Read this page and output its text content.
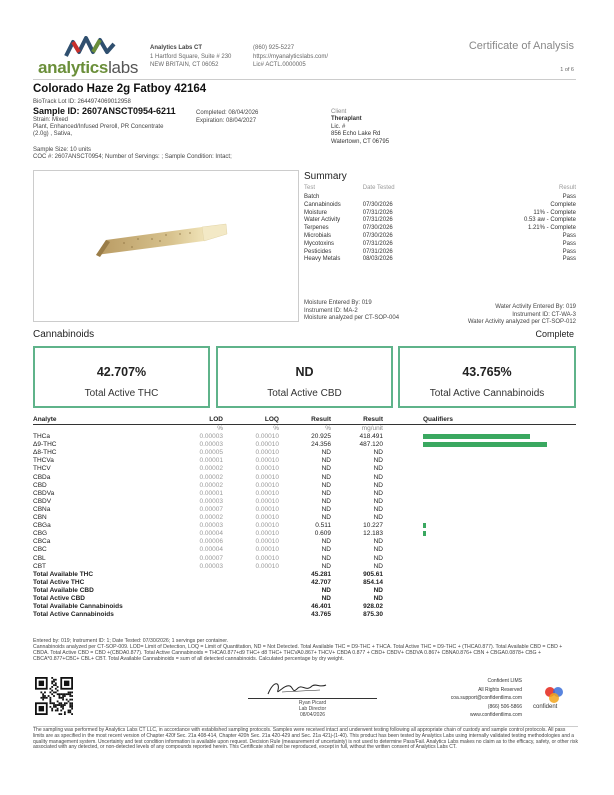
analyticslabs
Analytics Labs CT
1 Hartford Square, Suite # 230
NEW BRITAIN, CT 06052
(860) 925-5227
https://myanalyticslabs.com/
Lic# ACTL.0000005
Certificate of Analysis
1 of 6
Colorado Haze 2g Fatboy 42164
BioTrack Lot ID: 2644974069012958
Sample ID: 2607ANSCT0954-6211
Strain: Mixed
Plant, Enhanced/Infused Preroll, PR Concentrate
(2.0g) , Sativa,
Completed: 08/04/2026
Expiration: 08/04/2027
Client
Theraplant
Lic. #
856 Echo Lake Rd
Watertown, CT 06795
Sample Size: 10 units
COC #: 2607ANSCT0954; Number of Servings: ; Sample Condition: Intact;
Summary
Test	Date Tested	Result
Batch		Pass
Cannabinoids	07/30/2026	Complete
Moisture	07/31/2026	11% - Complete
Water Activity	07/31/2026	0.53 aw - Complete
Terpenes	07/30/2026	1.21% - Complete
Microbials	07/30/2026	Pass
Mycotoxins	07/31/2026	Pass
Pesticides	07/31/2026	Pass
Heavy Metals	08/03/2026	Pass
Moisture Entered By: 019
Instrument ID: MA-2
Moisture analyzed per CT-SOP-004
Water Activity Entered By: 019
Instrument ID: CT-WA-3
Water Activity analyzed per CT-SOP-012
Cannabinoids	Complete
42.707%
Total Active THC
ND
Total Active CBD
43.765%
Total Active Cannabinoids
Analyte	LOD	LOQ	Result	Result	Qualifiers
	%	%	%	mg/unit	
THCa	0.00003	0.00010	20.925	418.491	
Δ9-THC	0.00003	0.00010	24.356	487.120	
Δ8-THC	0.00005	0.00010	ND	ND	
THCVa	0.00001	0.00010	ND	ND	
THCV	0.00002	0.00010	ND	ND	
CBDa	0.00002	0.00010	ND	ND	
CBD	0.00002	0.00010	ND	ND	
CBDVa	0.00001	0.00010	ND	ND	
CBDV	0.00003	0.00010	ND	ND	
CBNa	0.00007	0.00010	ND	ND	
CBN	0.00002	0.00010	ND	ND	
CBGa	0.00003	0.00010	0.511	10.227	
CBG	0.00004	0.00010	0.609	12.183	
CBCa	0.00006	0.00010	ND	ND	
CBC	0.00004	0.00010	ND	ND	
CBL	0.00007	0.00010	ND	ND	
CBT	0.00003	0.00010	ND	ND	
Total Available THC			45.281	905.61	
Total Active THC			42.707	854.14	
Total Available CBD			ND	ND	
Total Active CBD			ND	ND	
Total Available Cannabinoids			46.401	928.02	
Total Active Cannabinoids			43.765	875.30	
Entered by: 019; Instrument ID: 1; Date Tested: 07/30/2026; 1 servings per container.
Cannabinoids analyzed per CT-SOP-009. LOD= Limit of Detection, LOQ = Limit of Quantitation, ND = Not Detected. Total Available THC = D9-THC + THCA. Total Active THC = D9-THC + (THCA0.877). Total Available CBD = CBD + CBDA. Total Active CBD = CBD +(CBDA0.877). Total Active Cannabinoids = THCA0.877+d9 THC+ d8 THC+ THCVA0.867+ THCV+ CBDA 0.877 + CBD+ CBDV+ CBDVA 0.867+ CBNA0.876+ CBN + CBGA0.0878+ CBG + CBCA*0.877+CBC+ CBL+ CBT. Total Available Cannabinoids = sum of all detected cannabinoids. Calculated percentage by dry weight.
Ryan Picard
Lab Director
08/04/2026
Confident LIMS
All Rights Reserved
coa.support@confidentlims.com
(866) 506-5866
www.confidentlims.com
confident
The sampling was performed by Analytics Labs CT LLC, in accordance with established sampling protocols. Samples were received intact and underwent testing following all appropriate chain of custody and sample control protocols. All pass limits are as specified in the most recent version of Chapter 420f Sec. 21a 408-414, Chapter 420h Sec. 21a 420-429 and Sec. 21a 421j-(1-40). This product has been tested by Analytics Labs using internally validated testing methodologies and a quality management system. Uncertainty and test condition information is available upon request. Decision Rule (measurement of uncertainty) is not used to determine Pass/Fail. Analytics Labs makes no claim as to the efficacy, safety, or other risk associated with any detected, or non-detected levels of any compounds reported herein. This Certificate shall not be reproduced, except in full, without the written consent of Analytics Labs CT.
